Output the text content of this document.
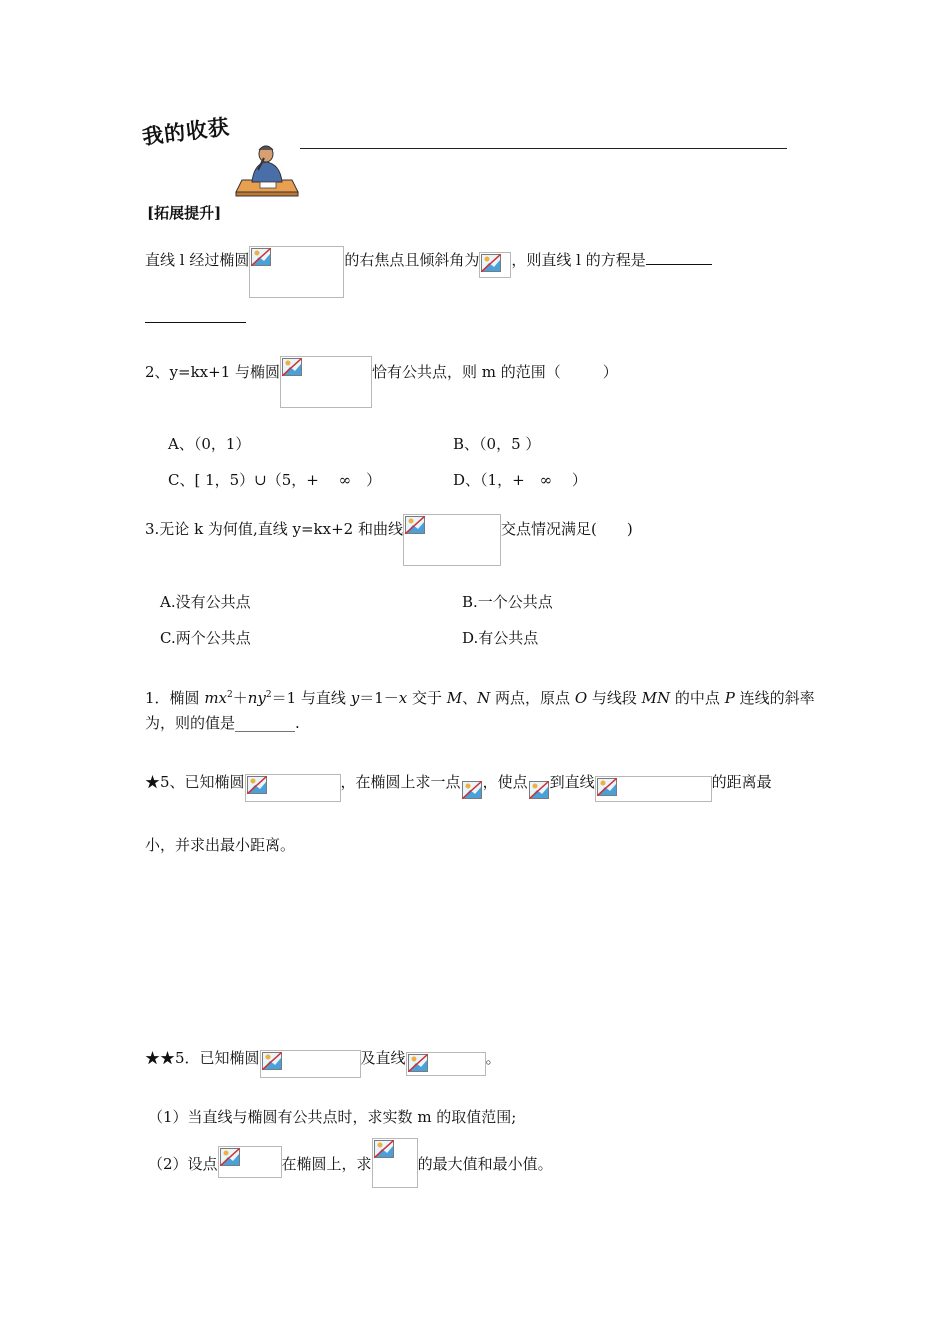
我的收获
[拓展提升]
直线 l 经过椭圆	的右焦点且倾斜角为 ，则直线 l 的方程是
2、y=kx+1 与椭圆	恰有公共点，则 m 的范围（	）
A、（0，1）	B、（0，5 ）
C、[ 1，5）∪（5，+　 ∞　）	D、（1，+　∞　 ）
3.无论 k 为何值,直线 y=kx+2 和曲线	交点情况满足( )
A.没有公共点	B.一个公共点
C.两个公共点	D.有公共点
1．椭圆 $mx^2+ny^2=1$ 与直线 y＝1－x 交于 M、N 两点，原点 O 与线段 MN 的中点 P 连线的斜率
为，则的值是________.
★5、已知椭圆	，在椭圆上求一点 ，使点 到直线	的距离最
小，并求出最小距离。
★★5．已知椭圆	及直线	。
（1）当直线与椭圆有公共点时，求实数 m 的取值范围;
（2）设点	在椭圆上，求	的最大值和最小值。
